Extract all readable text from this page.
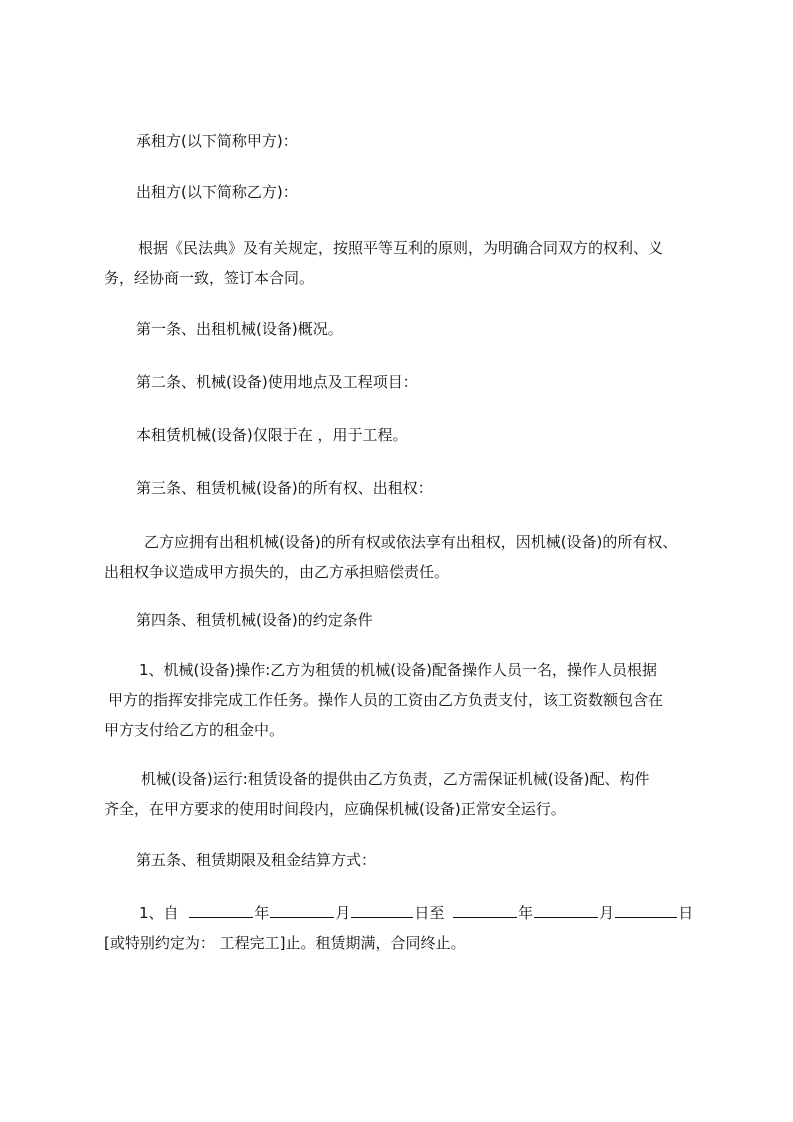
承租方(以下简称甲方)：
出租方(以下简称乙方)：
根据《民法典》及有关规定，按照平等互利的原则，为明确合同双方的权利、义
务，经协商一致，签订本合同。
第一条、出租机械(设备)概况。
第二条、机械(设备)使用地点及工程项目：
本租赁机械(设备)仅限于在 ，用于工程。
第三条、租赁机械(设备)的所有权、出租权：
乙方应拥有出租机械(设备)的所有权或依法享有出租权，因机械(设备)的所有权、
出租权争议造成甲方损失的，由乙方承担赔偿责任。
第四条、租赁机械(设备)的约定条件
1、机械(设备)操作:乙方为租赁的机械(设备)配备操作人员一名，操作人员根据
甲方的指挥安排完成工作任务。操作人员的工资由乙方负责支付，该工资数额包含在
甲方支付给乙方的租金中。
机械(设备)运行:租赁设备的提供由乙方负责，乙方需保证机械(设备)配、构件
齐全，在甲方要求的使用时间段内，应确保机械(设备)正常安全运行。
第五条、租赁期限及租金结算方式：
1、自	年	月	日至	年	月	日
[或特别约定为： 工程完工]止。租赁期满，合同终止。
